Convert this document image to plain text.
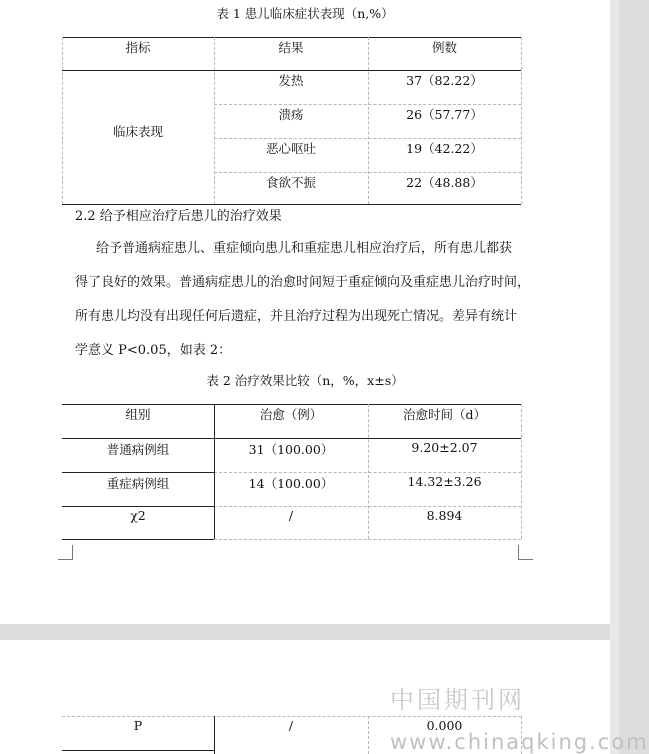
表 1 患儿临床症状表现（n,%）
指标	结果	例数
临床表现
发热	37（82.22）
溃疡	26（57.77）
恶心呕吐	19（42.22）
食欲不振	22（48.88）
2.2 给予相应治疗后患儿的治疗效果
给予普通病症患儿、重症倾向患儿和重症患儿相应治疗后，所有患儿都获
得了良好的效果。普通病症患儿的治愈时间短于重症倾向及重症患儿治疗时间，
所有患儿均没有出现任何后遗症，并且治疗过程为出现死亡情况。差异有统计
学意义 P<0.05，如表 2：
表 2 治疗效果比较（n，%，x±s）
组别	治愈（例）	治愈时间（d）
普通病例组	31（100.00）	9.20±2.07
重症病例组	14（100.00）	14.32±3.26
χ2	/	8.894
P	/	0.000
中国期刊网
www.chinaqking.com
